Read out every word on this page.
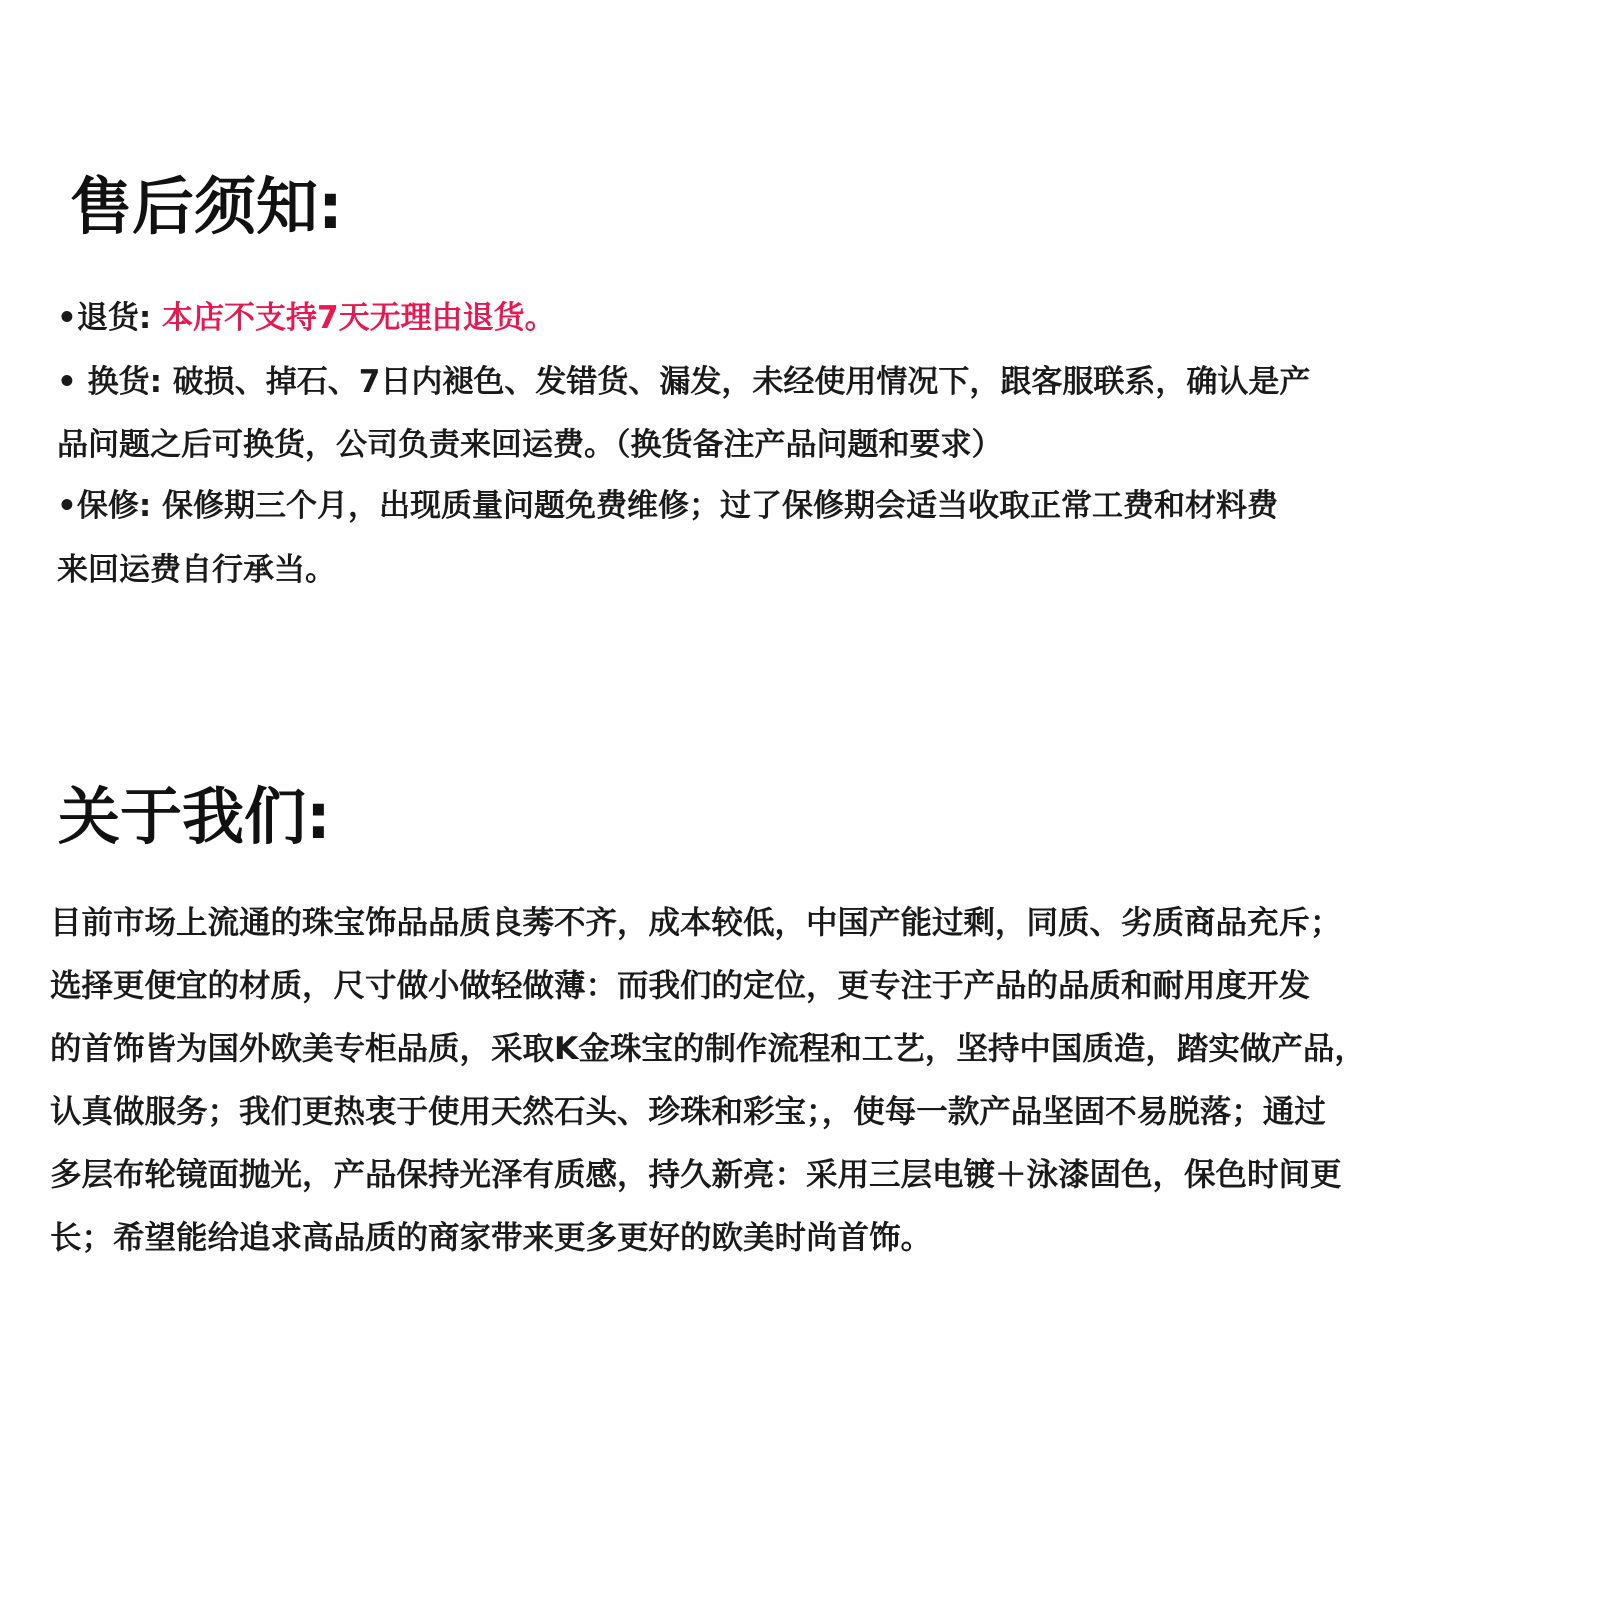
售后须知:

•退货: 本店不支持7天无理由退货。

• 换货: 破损、掉石、7日内褪色、发错货、漏发，未经使用情况下，跟客服联系，确认是产

品问题之后可换货，公司负责来回运费。（换货备注产品问题和要求）

•保修: 保修期三个月，出现质量问题免费维修；过了保修期会适当收取正常工费和材料费

来回运费自行承当。

关于我们:

目前市场上流通的珠宝饰品品质良莠不齐，成本较低，中国产能过剩，同质、劣质商品充斥；

选择更便宜的材质，尺寸做小做轻做薄：而我们的定位，更专注于产品的品质和耐用度开发

的首饰皆为国外欧美专柜品质，采取K金珠宝的制作流程和工艺，坚持中国质造，踏实做产品，

认真做服务；我们更热衷于使用天然石头、珍珠和彩宝；，使每一款产品坚固不易脱落；通过

多层布轮镜面抛光，产品保持光泽有质感，持久新亮：采用三层电镀＋泳漆固色，保色时间更

长；希望能给追求高品质的商家带来更多更好的欧美时尚首饰。
